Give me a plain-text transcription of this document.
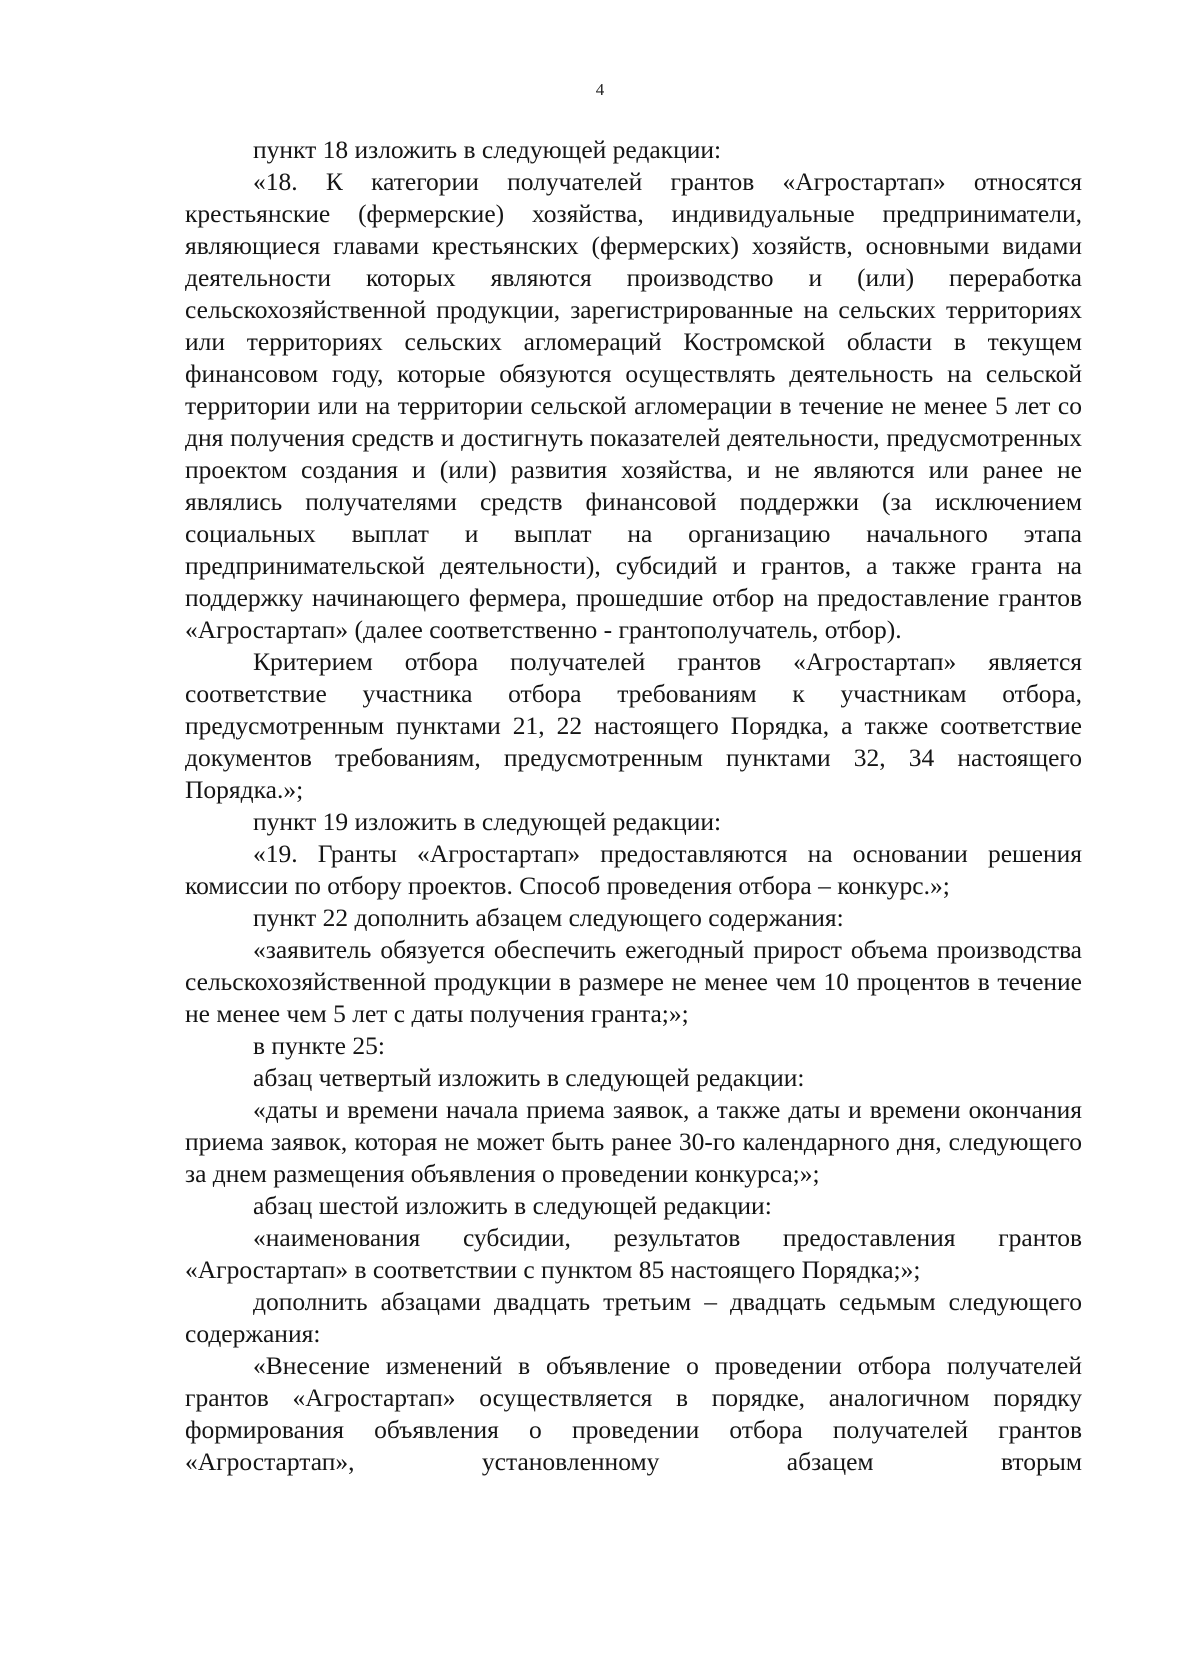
4

пункт 18 изложить в следующей редакции:

«18. К категории получателей грантов «Агростартап» относятся крестьянские (фермерские) хозяйства, индивидуальные предприниматели, являющиеся главами крестьянских (фермерских) хозяйств, основными видами деятельности которых являются производство и (или) переработка сельскохозяйственной продукции, зарегистрированные на сельских территориях или территориях сельских агломераций Костромской области в текущем финансовом году, которые обязуются осуществлять деятельность на сельской территории или на территории сельской агломерации в течение не менее 5 лет со дня получения средств и достигнуть показателей деятельности, предусмотренных проектом создания и (или) развития хозяйства, и не являются или ранее не являлись получателями средств финансовой поддержки (за исключением социальных выплат и выплат на организацию начального этапа предпринимательской деятельности), субсидий и грантов, а также гранта на поддержку начинающего фермера, прошедшие отбор на предоставление грантов «Агростартап» (далее соответственно - грантополучатель, отбор).

Критерием отбора получателей грантов «Агростартап» является соответствие участника отбора требованиям к участникам отбора, предусмотренным пунктами 21, 22 настоящего Порядка, а также соответствие документов требованиям, предусмотренным пунктами 32, 34 настоящего Порядка.»;

пункт 19 изложить в следующей редакции:

«19. Гранты «Агростартап» предоставляются на основании решения комиссии по отбору проектов. Способ проведения отбора – конкурс.»;

пункт 22 дополнить абзацем следующего содержания:

«заявитель обязуется обеспечить ежегодный прирост объема производства сельскохозяйственной продукции в размере не менее чем 10 процентов в течение не менее чем 5 лет с даты получения гранта;»;

в пункте 25:

абзац четвертый изложить в следующей редакции:

«даты и времени начала приема заявок, а также даты и времени окончания приема заявок, которая не может быть ранее 30-го календарного дня, следующего за днем размещения объявления о проведении конкурса;»;

абзац шестой изложить в следующей редакции:

«наименования субсидии, результатов предоставления грантов «Агростартап» в соответствии с пунктом 85 настоящего Порядка;»;

дополнить абзацами двадцать третьим – двадцать седьмым следующего содержания:

«Внесение изменений в объявление о проведении отбора получателей грантов «Агростартап» осуществляется в порядке, аналогичном порядку формирования объявления о проведении отбора получателей грантов «Агростартап», установленному абзацем вторым
